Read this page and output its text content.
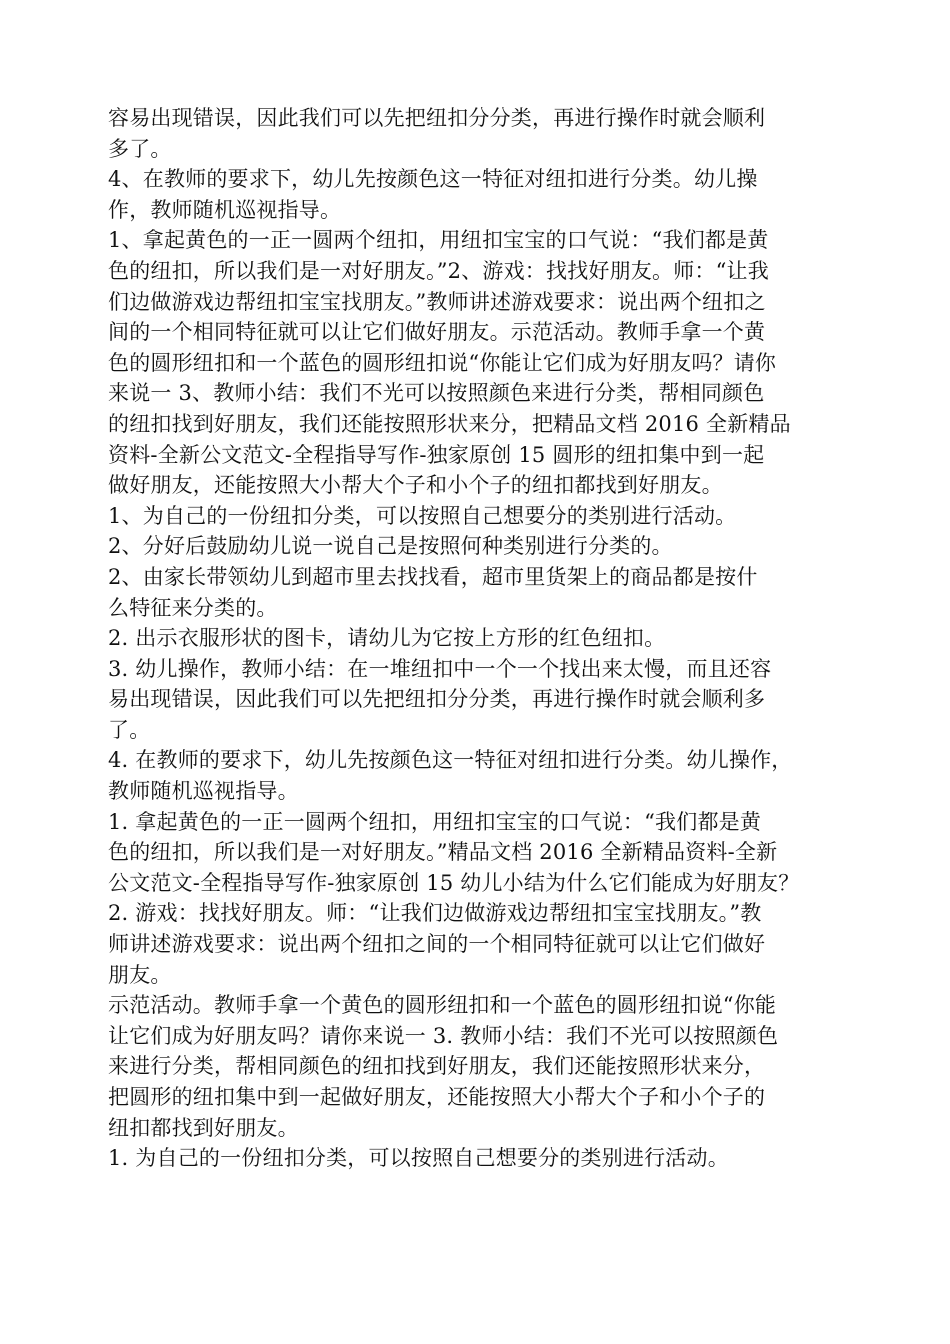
容易出现错误，因此我们可以先把纽扣分分类，再进行操作时就会顺利
多了。
4、在教师的要求下，幼儿先按颜色这一特征对纽扣进行分类。幼儿操
作，教师随机巡视指导。
1、拿起黄色的一正一圆两个纽扣，用纽扣宝宝的口气说：“我们都是黄
色的纽扣，所以我们是一对好朋友。”2、游戏：找找好朋友。师：“让我
们边做游戏边帮纽扣宝宝找朋友。”教师讲述游戏要求：说出两个纽扣之
间的一个相同特征就可以让它们做好朋友。示范活动。教师手拿一个黄
色的圆形纽扣和一个蓝色的圆形纽扣说“你能让它们成为好朋友吗？请你
来说一 3、教师小结：我们不光可以按照颜色来进行分类，帮相同颜色
的纽扣找到好朋友，我们还能按照形状来分，把精品文档 2016 全新精品
资料-全新公文范文-全程指导写作-独家原创 15 圆形的纽扣集中到一起
做好朋友，还能按照大小帮大个子和小个子的纽扣都找到好朋友。
1、为自己的一份纽扣分类，可以按照自己想要分的类别进行活动。
2、分好后鼓励幼儿说一说自己是按照何种类别进行分类的。
2、由家长带领幼儿到超市里去找找看，超市里货架上的商品都是按什
么特征来分类的。
2. 出示衣服形状的图卡，请幼儿为它按上方形的红色纽扣。
3. 幼儿操作，教师小结：在一堆纽扣中一个一个找出来太慢，而且还容
易出现错误，因此我们可以先把纽扣分分类，再进行操作时就会顺利多
了。
4. 在教师的要求下，幼儿先按颜色这一特征对纽扣进行分类。幼儿操作，
教师随机巡视指导。
1. 拿起黄色的一正一圆两个纽扣，用纽扣宝宝的口气说：“我们都是黄
色的纽扣，所以我们是一对好朋友。”精品文档 2016 全新精品资料-全新
公文范文-全程指导写作-独家原创 15 幼儿小结为什么它们能成为好朋友？
2. 游戏：找找好朋友。师：“让我们边做游戏边帮纽扣宝宝找朋友。”教
师讲述游戏要求：说出两个纽扣之间的一个相同特征就可以让它们做好
朋友。
示范活动。教师手拿一个黄色的圆形纽扣和一个蓝色的圆形纽扣说“你能
让它们成为好朋友吗？请你来说一 3. 教师小结：我们不光可以按照颜色
来进行分类，帮相同颜色的纽扣找到好朋友，我们还能按照形状来分，
把圆形的纽扣集中到一起做好朋友，还能按照大小帮大个子和小个子的
纽扣都找到好朋友。
1. 为自己的一份纽扣分类，可以按照自己想要分的类别进行活动。
